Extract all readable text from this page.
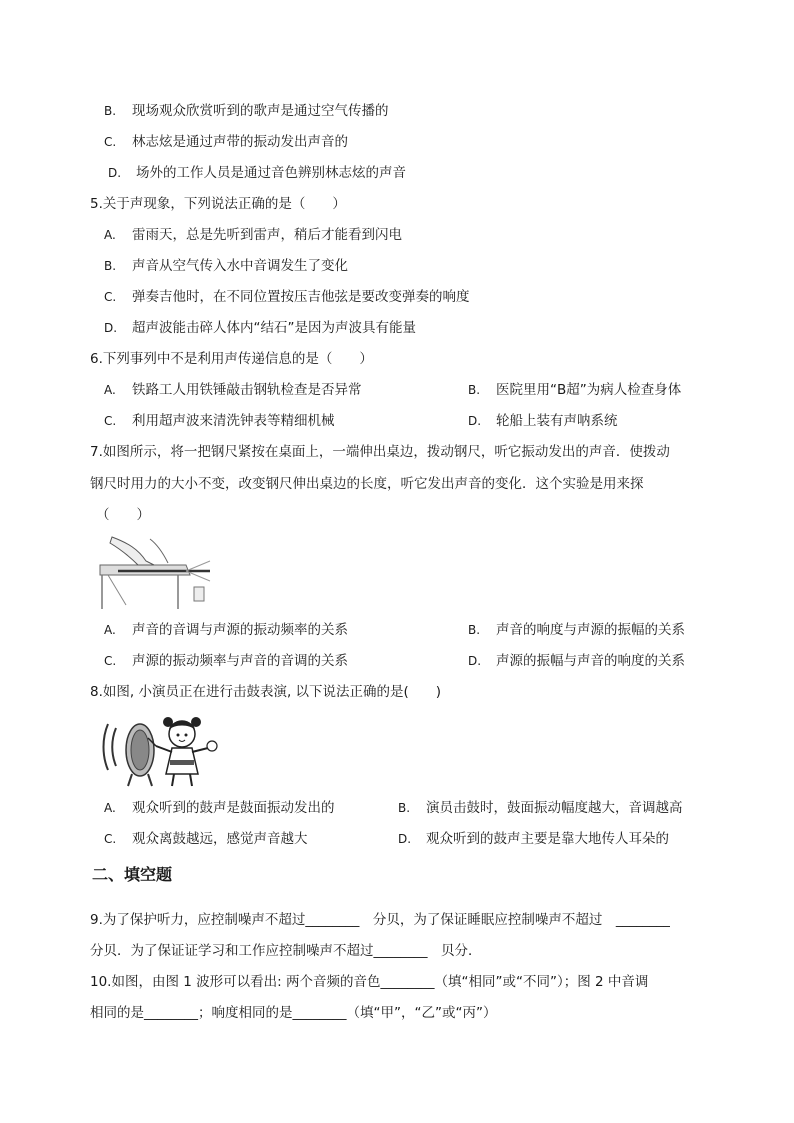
B. 现场观众欣赏听到的歌声是通过空气传播的
C. 林志炫是通过声带的振动发出声音的
D. 场外的工作人员是通过音色辨别林志炫的声音
5.关于声现象，下列说法正确的是（　　）
A. 雷雨天，总是先听到雷声，稍后才能看到闪电
B. 声音从空气传入水中音调发生了变化
C. 弹奏吉他时，在不同位置按压吉他弦是要改变弹奏的响度
D. 超声波能击碎人体内“结石”是因为声波具有能量
6.下列事列中不是利用声传递信息的是（　　）
A. 铁路工人用铁锤敲击钢轨检查是否异常	B. 医院里用“B超”为病人检查身体
C. 利用超声波来清洗钟表等精细机械	D. 轮船上装有声呐系统
7.如图所示，将一把钢尺紧按在桌面上，一端伸出桌边，拨动钢尺，听它振动发出的声音．使拨动
钢尺时用力的大小不变，改变钢尺伸出桌边的长度，听它发出声音的变化．这个实验是用来探
（　　）
A. 声音的音调与声源的振动频率的关系	B. 声音的响度与声源的振幅的关系
C. 声源的振动频率与声音的音调的关系	D. 声源的振幅与声音的响度的关系
8.如图, 小演员正在进行击鼓表演, 以下说法正确的是(　　)
A. 观众听到的鼓声是鼓面振动发出的	B. 演员击鼓时，鼓面振动幅度越大，音调越高
C. 观众离鼓越远，感觉声音越大	D. 观众听到的鼓声主要是靠大地传人耳朵的
二、填空题
9.为了保护听力，应控制噪声不超过________　分贝，为了保证睡眠应控制噪声不超过　________
分贝．为了保证证学习和工作应控制噪声不超过________　贝分．
10.如图，由图 1 波形可以看出: 两个音频的音色________（填“相同”或“不同”）；图 2 中音调
相同的是________；响度相同的是________（填“甲”，“乙”或“丙”）
